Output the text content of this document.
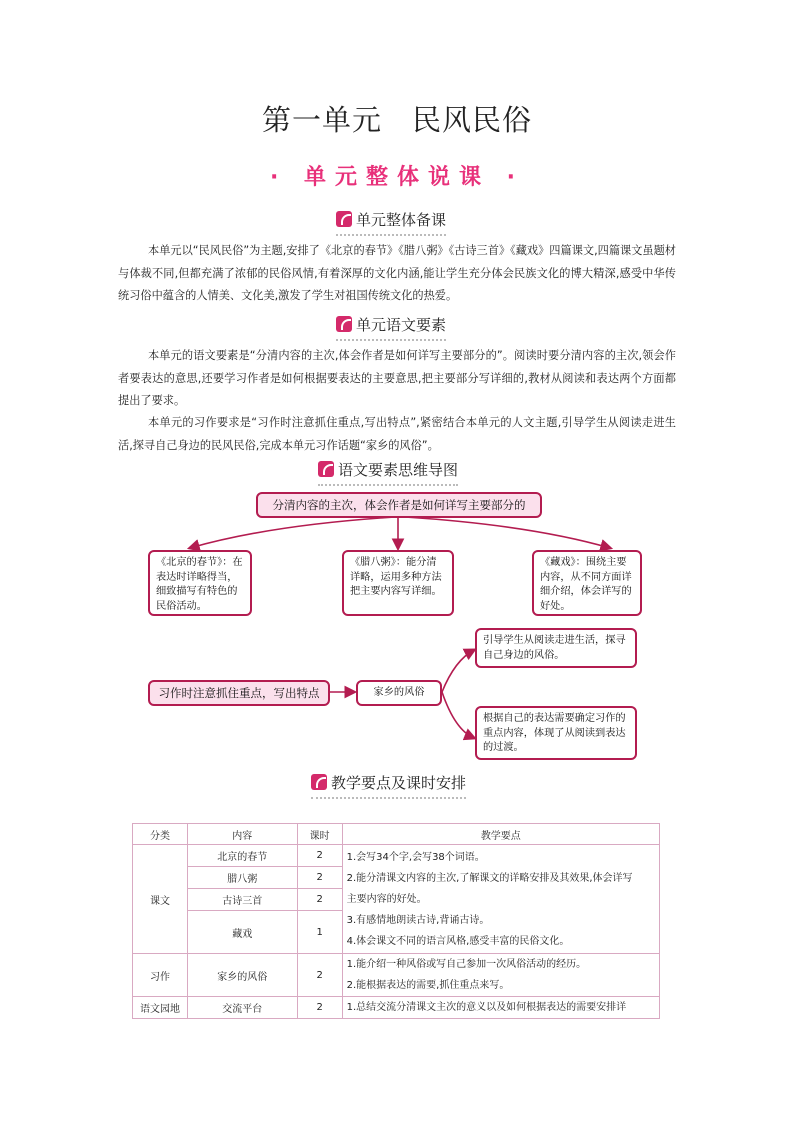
第一单元　民风民俗
· 单元整体说课 ·
单元整体备课

本单元以“民风民俗”为主题,安排了《北京的春节》《腊八粥》《古诗三首》《藏戏》四篇课文,四篇课文虽题材与体裁不同,但都充满了浓郁的民俗风情,有着深厚的文化内涵,能让学生充分体会民族文化的博大精深,感受中华传统习俗中蕴含的人情美、文化美,激发了学生对祖国传统文化的热爱。

单元语文要素

本单元的语文要素是“分清内容的主次,体会作者是如何详写主要部分的”。阅读时要分清内容的主次,领会作者要表达的意思,还要学习作者是如何根据要表达的主要意思,把主要部分写详细的,教材从阅读和表达两个方面都提出了要求。

本单元的习作要求是“习作时注意抓住重点,写出特点”,紧密结合本单元的人文主题,引导学生从阅读走进生活,探寻自己身边的民风民俗,完成本单元习作话题“家乡的风俗”。

语文要素思维导图
分清内容的主次，体会作者是如何详写主要部分的
《北京的春节》：在表达时详略得当，细致描写有特色的民俗活动。
《腊八粥》：能分清详略，运用多种方法把主要内容写详细。
《藏戏》：围绕主要内容，从不同方面详细介绍，体会详写的好处。
习作时注意抓住重点，写出特点	家乡的风俗
引导学生从阅读走进生活，探寻自己身边的风俗。
根据自己的表达需要确定习作的重点内容，体现了从阅读到表达的过渡。
教学要点及课时安排
分类	内容	课时	教学要点
课文	北京的春节	2	1.会写34个字,会写38个词语。
2.能分清课文内容的主次,了解课文的详略安排及其效果,体会详写
主要内容的好处。
3.有感情地朗读古诗,背诵古诗。
4.体会课文不同的语言风格,感受丰富的民俗文化。

	腊八粥	2	
	古诗三首	2	
	藏戏	1	
习作	家乡的风俗	2	1.能介绍一种风俗或写自己参加一次风俗活动的经历。
2.能根据表达的需要,抓住重点来写。

语文园地	交流平台	2	1.总结交流分清课文主次的意义以及如何根据表达的需要安排详
